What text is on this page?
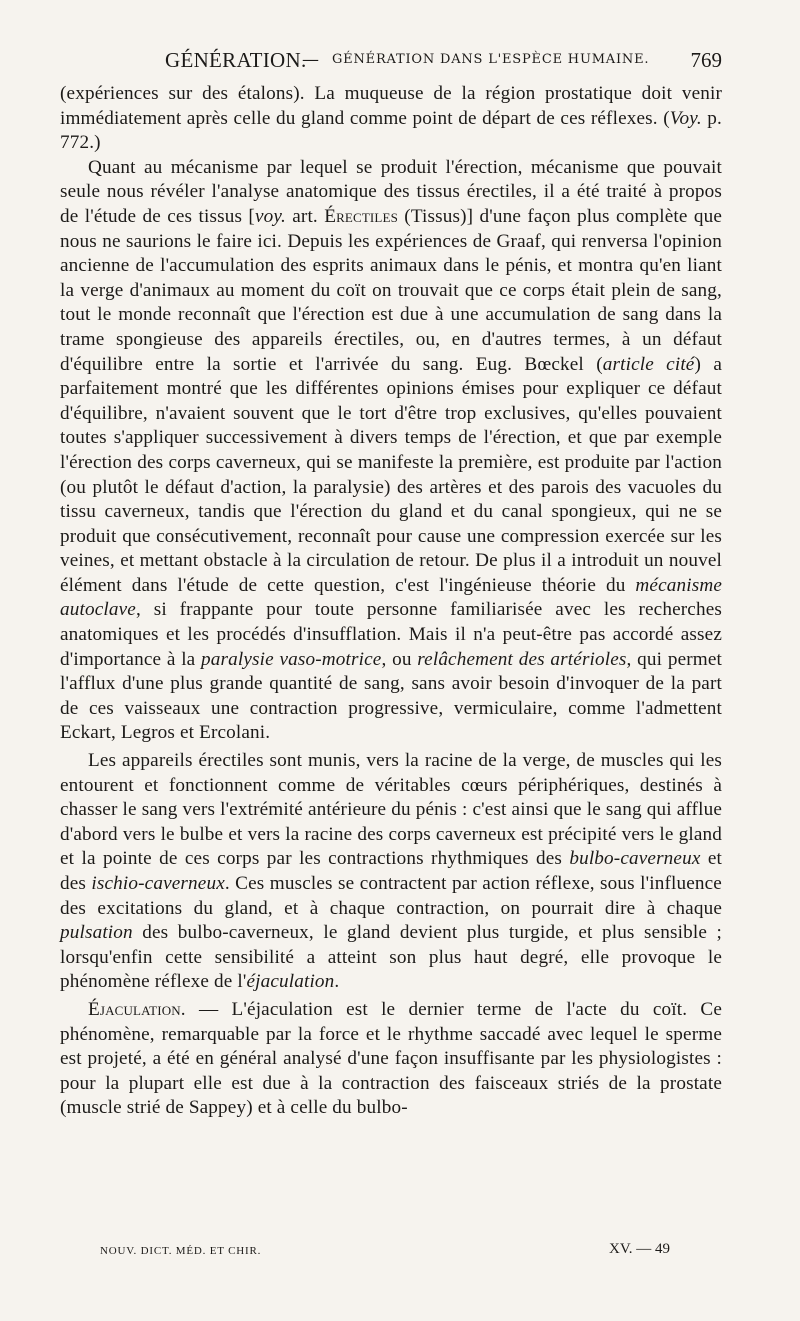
GÉNÉRATION.
— GÉNÉRATION DANS L'ESPÈCE HUMAINE. 769

(expériences sur des étalons). La muqueuse de la région prostatique doit venir immédiatement après celle du gland comme point de départ de ces réflexes. (Voy. p. 772.)

Quant au mécanisme par lequel se produit l'érection, mécanisme que pouvait seule nous révéler l'analyse anatomique des tissus érectiles, il a été traité à propos de l'étude de ces tissus [voy. art. Érectiles (Tissus)] d'une façon plus complète que nous ne saurions le faire ici. Depuis les expériences de Graaf, qui renversa l'opinion ancienne de l'accumulation des esprits animaux dans le pénis, et montra qu'en liant la verge d'animaux au moment du coït on trouvait que ce corps était plein de sang, tout le monde reconnaît que l'érection est due à une accumulation de sang dans la trame spongieuse des appareils érectiles, ou, en d'autres termes, à un défaut d'équilibre entre la sortie et l'arrivée du sang. Eug. Bœckel (article cité) a parfaitement montré que les différentes opinions émises pour expliquer ce défaut d'équilibre, n'avaient souvent que le tort d'être trop exclusives, qu'elles pouvaient toutes s'appliquer successivement à divers temps de l'érection, et que par exemple l'érection des corps caverneux, qui se manifeste la première, est produite par l'action (ou plutôt le défaut d'action, la paralysie) des artères et des parois des vacuoles du tissu caverneux, tandis que l'érection du gland et du canal spongieux, qui ne se produit que consécutivement, reconnaît pour cause une compression exercée sur les veines, et mettant obstacle à la circulation de retour. De plus il a introduit un nouvel élément dans l'étude de cette question, c'est l'ingénieuse théorie du mécanisme autoclave, si frappante pour toute personne familiarisée avec les recherches anatomiques et les procédés d'insufflation. Mais il n'a peut-être pas accordé assez d'importance à la paralysie vaso-motrice, ou relâchement des artérioles, qui permet l'afflux d'une plus grande quantité de sang, sans avoir besoin d'invoquer de la part de ces vaisseaux une contraction progressive, vermiculaire, comme l'admettent Eckart, Legros et Ercolani.

Les appareils érectiles sont munis, vers la racine de la verge, de muscles qui les entourent et fonctionnent comme de véritables cœurs périphériques, destinés à chasser le sang vers l'extrémité antérieure du pénis : c'est ainsi que le sang qui afflue d'abord vers le bulbe et vers la racine des corps caverneux est précipité vers le gland et la pointe de ces corps par les contractions rhythmiques des bulbo-caverneux et des ischio-caverneux. Ces muscles se contractent par action réflexe, sous l'influence des excitations du gland, et à chaque contraction, on pourrait dire à chaque pulsation des bulbo-caverneux, le gland devient plus turgide, et plus sensible ; lorsqu'enfin cette sensibilité a atteint son plus haut degré, elle provoque le phénomène réflexe de l'éjaculation.

Éjaculation. — L'éjaculation est le dernier terme de l'acte du coït. Ce phénomène, remarquable par la force et le rhythme saccadé avec lequel le sperme est projeté, a été en général analysé d'une façon insuffisante par les physiologistes : pour la plupart elle est due à la contraction des faisceaux striés de la prostate (muscle strié de Sappey) et à celle du bulbo-

NOUV. DICT. MÉD. ET CHIR.	XV. — 49
